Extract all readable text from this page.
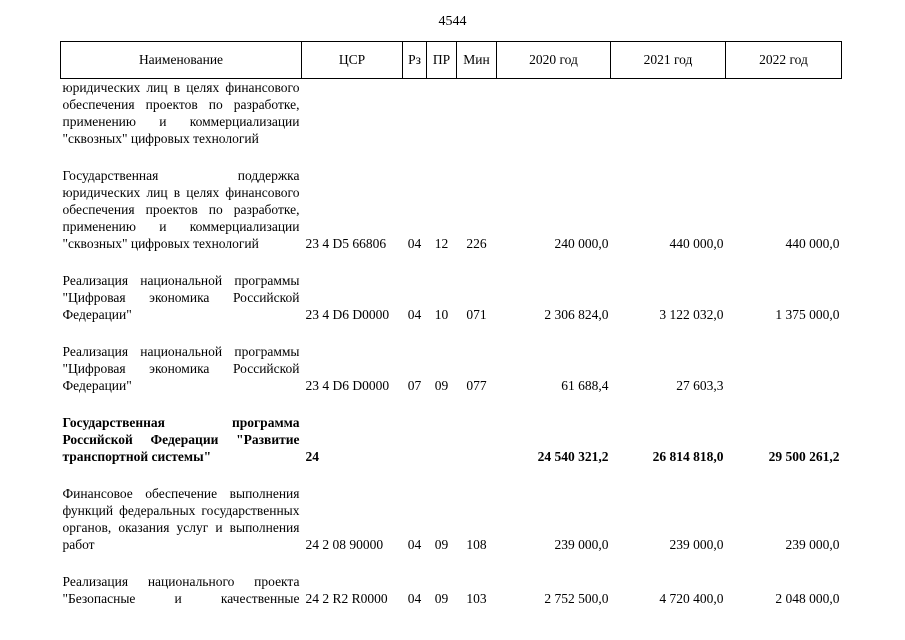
4544
Наименование	ЦСР	Рз	ПР	Мин	2020 год	2021 год	2022 год
юридических лиц в целях финансового обеспечения проектов по разработке, применению и коммерциализации "сквозных" цифровых технологий							

Государственная поддержка юридических лиц в целях финансового обеспечения проектов по разработке, применению и коммерциализации "сквозных" цифровых технологий	23 4 D5 66806	04	12	226	240 000,0	440 000,0	440 000,0

Реализация национальной программы "Цифровая экономика Российской Федерации"	23 4 D6 D0000	04	10	071	2 306 824,0	3 122 032,0	1 375 000,0

Реализация национальной программы "Цифровая экономика Российской Федерации"	23 4 D6 D0000	07	09	077	61 688,4	27 603,3	

Государственная программа Российской Федерации "Развитие транспортной системы"	24				24 540 321,2	26 814 818,0	29 500 261,2

Финансовое обеспечение выполнения функций федеральных государственных органов, оказания услуг и выполнения работ	24 2 08 90000	04	09	108	239 000,0	239 000,0	239 000,0

Реализация национального проекта "Безопасные и качественные	24 2 R2 R0000	04	09	103	2 752 500,0	4 720 400,0	2 048 000,0
